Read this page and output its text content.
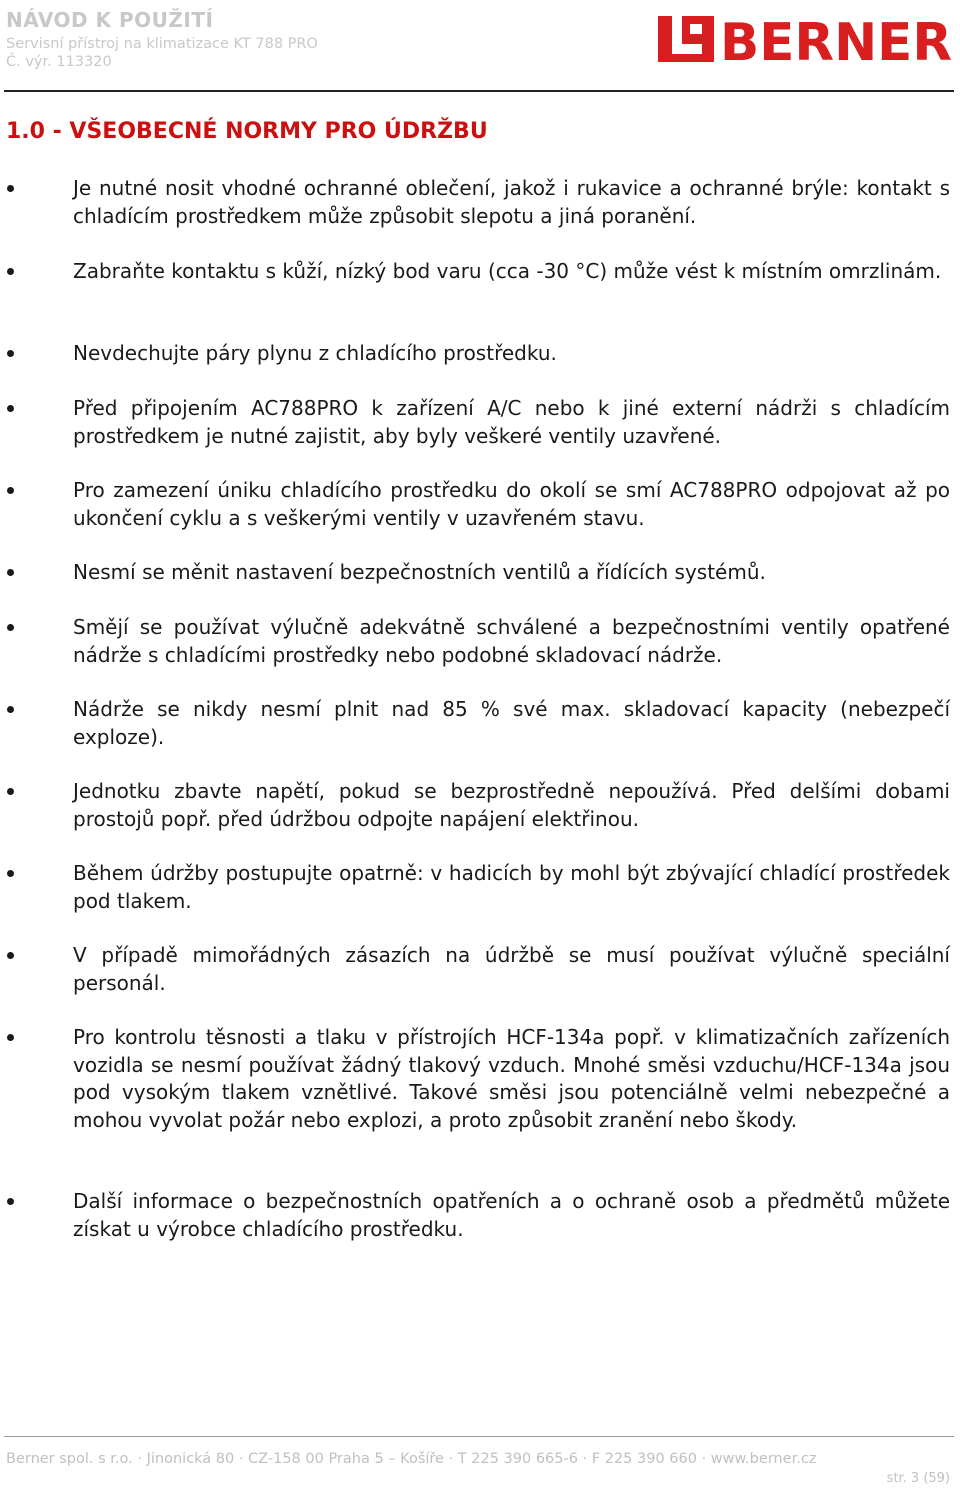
NÁVOD K POUŽITÍ
Servisní přístroj na klimatizace KT 788 PRO
Č. výr. 113320	BERNER
1.0 - VŠEOBECNÉ NORMY PRO ÚDRŽBU
Je nutné nosit vhodné ochranné oblečení, jakož i rukavice a ochranné brýle: kontakt s chladícím prostředkem může způsobit slepotu a jiná poranění.
Zabraňte kontaktu s kůží, nízký bod varu (cca -30 °C) může vést k místním omrzlinám.
Nevdechujte páry plynu z chladícího prostředku.
Před připojením AC788PRO k zařízení A/C nebo k jiné externí nádrži s chladícím prostředkem je nutné zajistit, aby byly veškeré ventily uzavřené.
Pro zamezení úniku chladícího prostředku do okolí se smí AC788PRO odpojovat až po ukončení cyklu a s veškerými ventily v uzavřeném stavu.
Nesmí se měnit nastavení bezpečnostních ventilů a řídících systémů.
Smějí se používat výlučně adekvátně schválené a bezpečnostními ventily opatřené nádrže s chladícími prostředky nebo podobné skladovací nádrže.
Nádrže se nikdy nesmí plnit nad 85 % své max. skladovací kapacity (nebezpečí exploze).
Jednotku zbavte napětí, pokud se bezprostředně nepoužívá. Před delšími dobami prostojů popř. před údržbou odpojte napájení elektřinou.
Během údržby postupujte opatrně: v hadicích by mohl být zbývající chladící prostředek pod tlakem.
V případě mimořádných zásazích na údržbě se musí používat výlučně speciální personál.
Pro kontrolu těsnosti a tlaku v přístrojích HCF-134a popř. v klimatizačních zařízeních vozidla se nesmí používat žádný tlakový vzduch. Mnohé směsi vzduchu/HCF-134a jsou pod vysokým tlakem vznětlivé. Takové směsi jsou potenciálně velmi nebezpečné a mohou vyvolat požár nebo explozi, a proto způsobit zranění nebo škody.
Další informace o bezpečnostních opatřeních a o ochraně osob a předmětů můžete získat u výrobce chladícího prostředku.
Berner spol. s r.o. · Jinonická 80 · CZ-158 00 Praha 5 – Košíře · T 225 390 665-6 · F 225 390 660 · www.berner.cz
str. 3 (59)
